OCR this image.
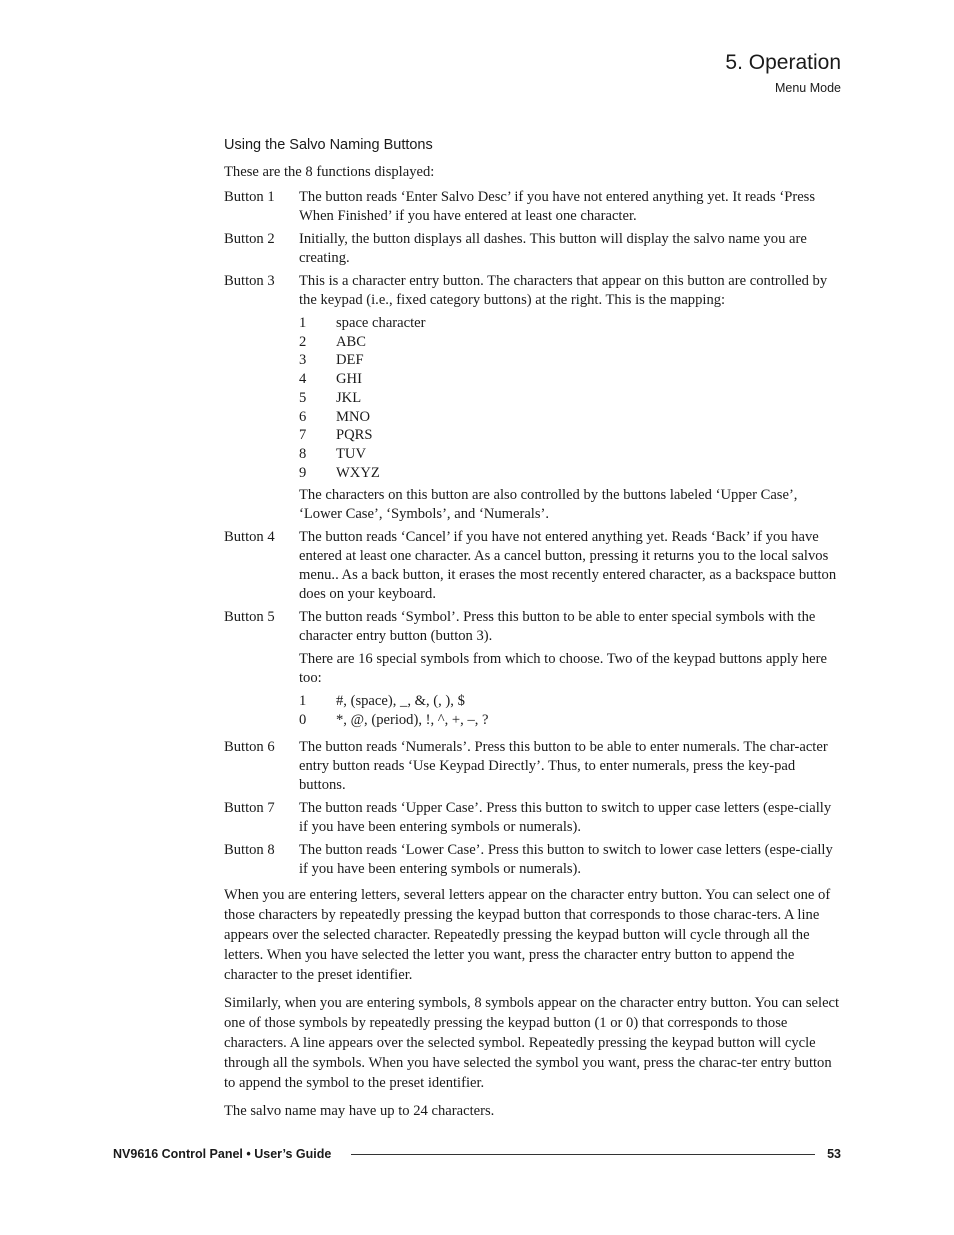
5. Operation
Menu Mode
Using the Salvo Naming Buttons
These are the 8 functions displayed:
Button 1	The button reads ‘Enter Salvo Desc’ if you have not entered anything yet. It reads ‘Press When Finished’ if you have entered at least one character.

Button 2	Initially, the button displays all dashes. This button will display the salvo name you are creating.

Button 3	This is a character entry button. The characters that appear on this button are controlled by the keypad (i.e., fixed category buttons) at the right. This is the mapping:

1	space character
2	ABC
3	DEF
4	GHI
5	JKL
6	MNO
7	PQRS
8	TUV
9	WXYZ

The characters on this button are also controlled by the buttons labeled ‘Upper Case’, ‘Lower Case’, ‘Symbols’, and ‘Numerals’.

Button 4	The button reads ‘Cancel’ if you have not entered anything yet. Reads ‘Back’ if you have entered at least one character. As a cancel button, pressing it returns you to the local salvos menu.. As a back button, it erases the most recently entered character, as a backspace button does on your keyboard.

Button 5	The button reads ‘Symbol’. Press this button to be able to enter special symbols with the character entry button (button 3).

There are 16 special symbols from which to choose. Two of the keypad buttons apply here too:

1	#, (space), _, &, (, ), $
0	*, @, (period), !, ^, +, –, ?
Button 6	The button reads ‘Numerals’. Press this button to be able to enter numerals. The char-acter entry button reads ‘Use Keypad Directly’. Thus, to enter numerals, press the key-pad buttons.

Button 7	The button reads ‘Upper Case’. Press this button to switch to upper case letters (espe-cially if you have been entering symbols or numerals).

Button 8	The button reads ‘Lower Case’. Press this button to switch to lower case letters (espe-cially if you have been entering symbols or numerals).

When you are entering letters, several letters appear on the character entry button. You can select one of those characters by repeatedly pressing the keypad button that corresponds to those charac-ters. A line appears over the selected character. Repeatedly pressing the keypad button will cycle through all the letters. When you have selected the letter you want, press the character entry button to append the character to the preset identifier.

Similarly, when you are entering symbols, 8 symbols appear on the character entry button. You can select one of those symbols by repeatedly pressing the keypad button (1 or 0) that corresponds to those characters. A line appears over the selected symbol. Repeatedly pressing the keypad button will cycle through all the symbols. When you have selected the symbol you want, press the charac-ter entry button to append the symbol to the preset identifier.

The salvo name may have up to 24 characters.

NV9616 Control Panel • User’s Guide	53
